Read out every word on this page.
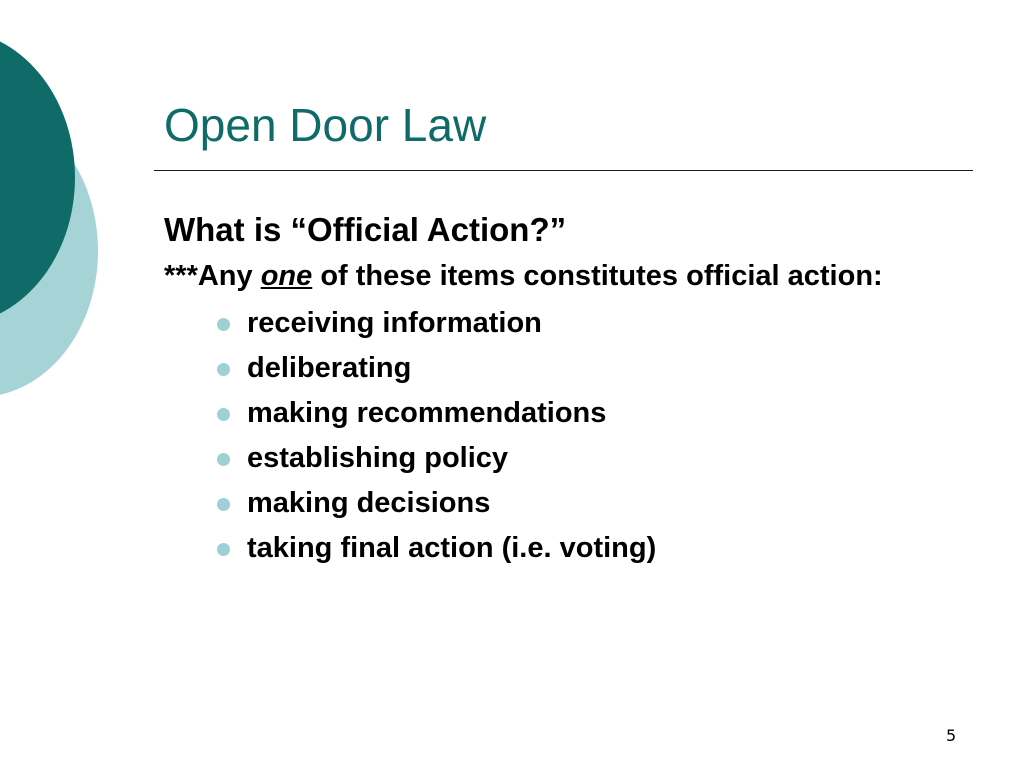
Open Door Law

What is “Official Action?”

***Any one of these items constitutes official action:

receiving information
deliberating
making recommendations
establishing policy
making decisions
taking final action (i.e. voting)
5
